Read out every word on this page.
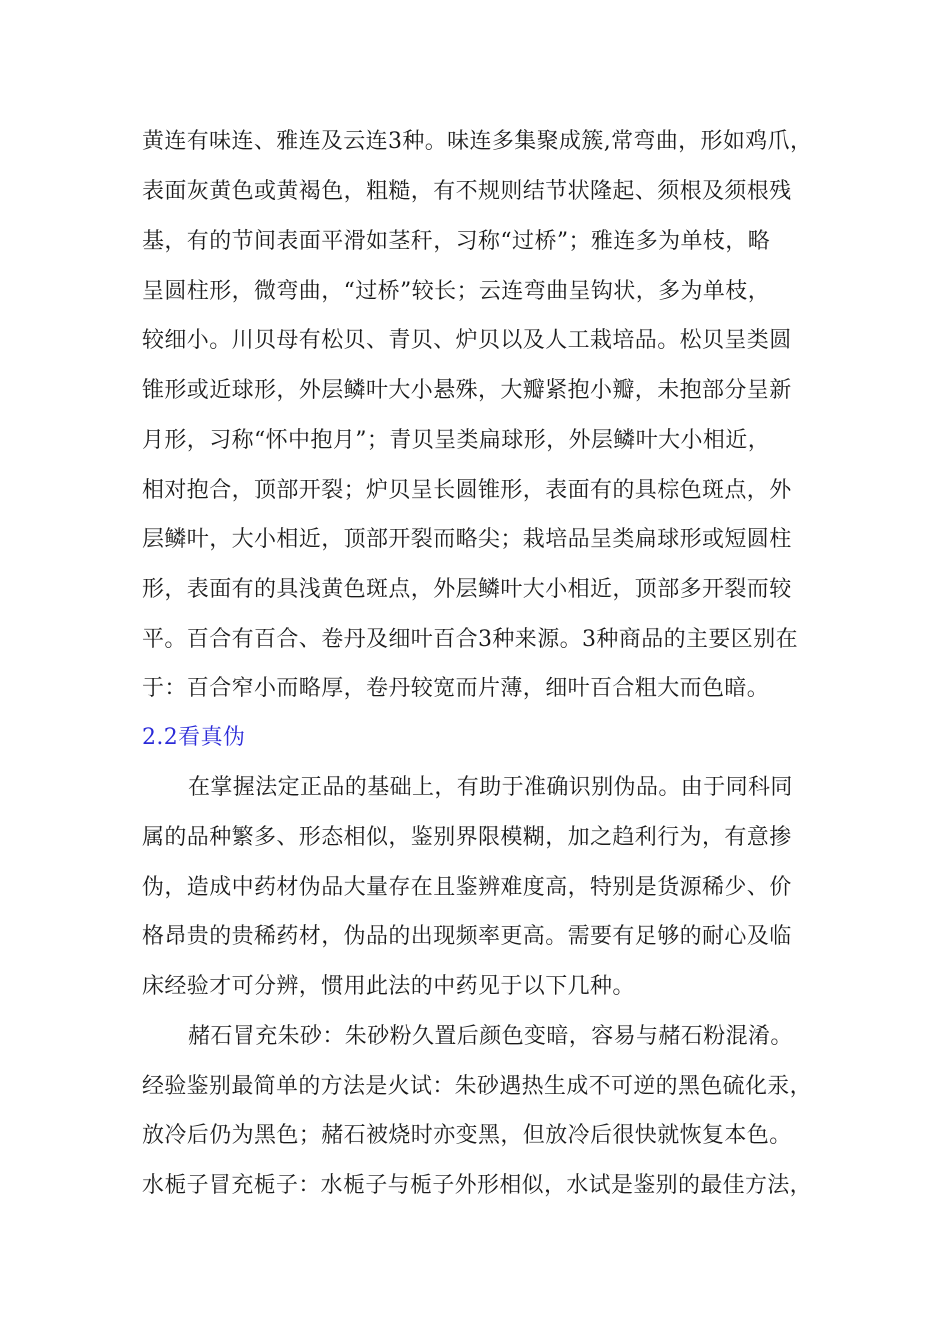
黄连有味连、雅连及云连3种。味连多集聚成簇,常弯曲，形如鸡爪，
表面灰黄色或黄褐色，粗糙，有不规则结节状隆起、须根及须根残
基，有的节间表面平滑如茎秆，习称“过桥”；雅连多为单枝，略
呈圆柱形，微弯曲，“过桥”较长；云连弯曲呈钩状，多为单枝，
较细小。川贝母有松贝、青贝、炉贝以及人工栽培品。松贝呈类圆
锥形或近球形，外层鳞叶大小悬殊，大瓣紧抱小瓣，未抱部分呈新
月形，习称“怀中抱月”；青贝呈类扁球形，外层鳞叶大小相近，
相对抱合，顶部开裂；炉贝呈长圆锥形，表面有的具棕色斑点，外
层鳞叶，大小相近，顶部开裂而略尖；栽培品呈类扁球形或短圆柱
形，表面有的具浅黄色斑点，外层鳞叶大小相近，顶部多开裂而较
平。百合有百合、卷丹及细叶百合3种来源。3种商品的主要区别在
于：百合窄小而略厚，卷丹较宽而片薄，细叶百合粗大而色暗。
2.2看真伪
在掌握法定正品的基础上，有助于准确识别伪品。由于同科同
属的品种繁多、形态相似，鉴别界限模糊，加之趋利行为，有意掺
伪，造成中药材伪品大量存在且鉴辨难度高，特别是货源稀少、价
格昂贵的贵稀药材，伪品的出现频率更高。需要有足够的耐心及临
床经验才可分辨，惯用此法的中药见于以下几种。
赭石冒充朱砂：朱砂粉久置后颜色变暗，容易与赭石粉混淆。
经验鉴别最简单的方法是火试：朱砂遇热生成不可逆的黑色硫化汞，
放冷后仍为黑色；赭石被烧时亦变黑，但放冷后很快就恢复本色。
水栀子冒充栀子：水栀子与栀子外形相似，水试是鉴别的最佳方法，
